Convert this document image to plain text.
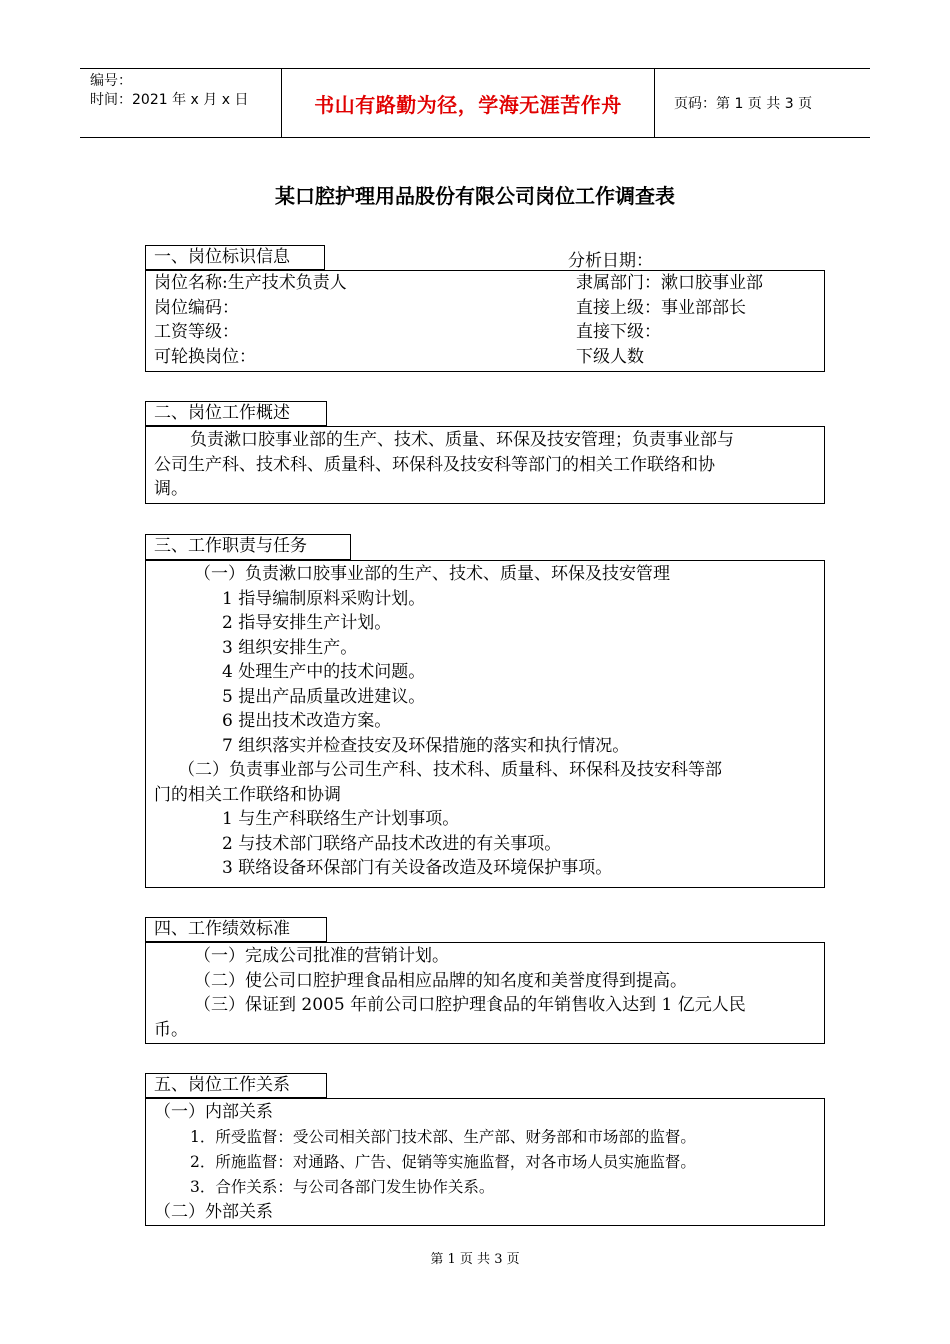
编号：
时间：2021 年 x 月 x 日	书山有路勤为径，学海无涯苦作舟	页码：第 1 页 共 3 页
某口腔护理用品股份有限公司岗位工作调查表
一、岗位标识信息	分析日期：
岗位名称:生产技术负责人	隶属部门：漱口胶事业部
岗位编码：	直接上级：事业部部长
工资等级：	直接下级：
可轮换岗位：	下级人数
二、岗位工作概述
负责漱口胶事业部的生产、技术、质量、环保及技安管理；负责事业部与
公司生产科、技术科、质量科、环保科及技安科等部门的相关工作联络和协
调。
三、工作职责与任务
（一）负责漱口胶事业部的生产、技术、质量、环保及技安管理
1 指导编制原料采购计划。
2 指导安排生产计划。
3 组织安排生产。
4 处理生产中的技术问题。
5 提出产品质量改进建议。
6 提出技术改造方案。
7 组织落实并检查技安及环保措施的落实和执行情况。
（二）负责事业部与公司生产科、技术科、质量科、环保科及技安科等部
门的相关工作联络和协调
1 与生产科联络生产计划事项。
2 与技术部门联络产品技术改进的有关事项。
3 联络设备环保部门有关设备改造及环境保护事项。
四、工作绩效标准
（一）完成公司批准的营销计划。
（二）使公司口腔护理食品相应品牌的知名度和美誉度得到提高。
（三）保证到 2005 年前公司口腔护理食品的年销售收入达到 1 亿元人民
币。
五、岗位工作关系
（一）内部关系
1．所受监督：受公司相关部门技术部、生产部、财务部和市场部的监督。
2．所施监督：对通路、广告、促销等实施监督，对各市场人员实施监督。
3．合作关系：与公司各部门发生协作关系。
（二）外部关系
第 1 页 共 3 页
